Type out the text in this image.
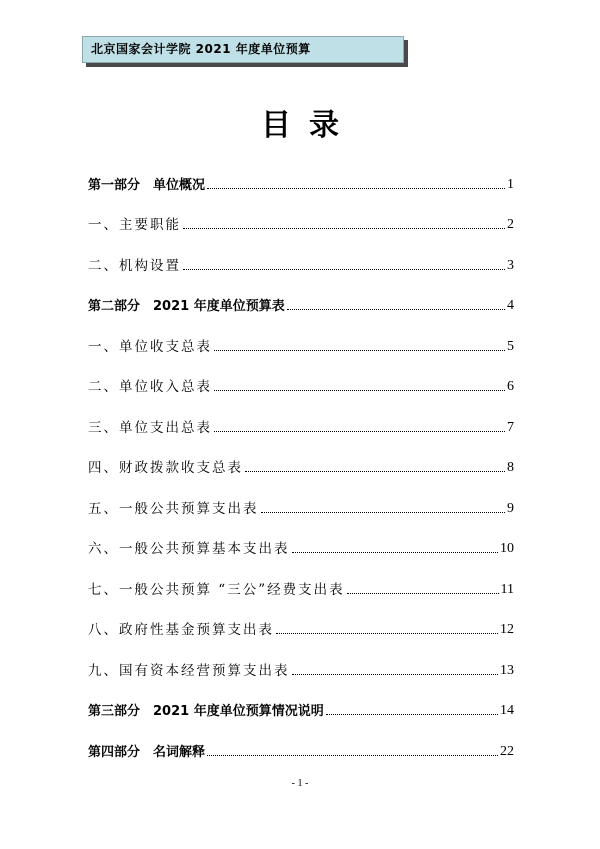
北京国家会计学院 2021 年度单位预算
目录
第一部分　单位概况	1
一、主要职能	2
二、机构设置	3
第二部分　2021 年度单位预算表	4
一、单位收支总表	5
二、单位收入总表	6
三、单位支出总表	7
四、财政拨款收支总表	8
五、一般公共预算支出表	9
六、一般公共预算基本支出表	10
七、一般公共预算 “三公”经费支出表	11
八、政府性基金预算支出表	12
九、国有资本经营预算支出表	13
第三部分　2021 年度单位预算情况说明	14
第四部分　名词解释	22
- 1 -
